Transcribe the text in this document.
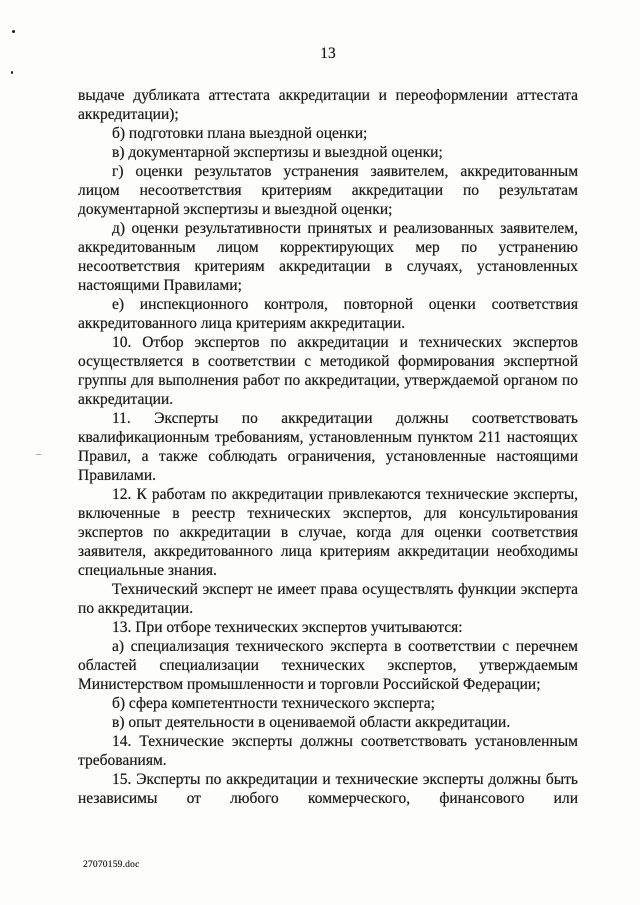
13
выдаче дубликата аттестата аккредитации и переоформлении аттестата
аккредитации);
б) подготовки плана выездной оценки;
в) документарной экспертизы и выездной оценки;
г) оценки результатов устранения заявителем, аккредитованным
лицом несоответствия критериям аккредитации по результатам
документарной экспертизы и выездной оценки;
д) оценки результативности принятых и реализованных заявителем,
аккредитованным лицом корректирующих мер по устранению
несоответствия критериям аккредитации в случаях, установленных
настоящими Правилами;
е) инспекционного контроля, повторной оценки соответствия
аккредитованного лица критериям аккредитации.
10. Отбор экспертов по аккредитации и технических экспертов
осуществляется в соответствии с методикой формирования экспертной
группы для выполнения работ по аккредитации, утверждаемой органом по
аккредитации.
11. Эксперты по аккредитации должны соответствовать
квалификационным требованиям, установленным пунктом 211 настоящих
Правил, а также соблюдать ограничения, установленные настоящими
Правилами.
12. К работам по аккредитации привлекаются технические эксперты,
включенные в реестр технических экспертов, для консультирования
экспертов по аккредитации в случае, когда для оценки соответствия
заявителя, аккредитованного лица критериям аккредитации необходимы
специальные знания.
Технический эксперт не имеет права осуществлять функции эксперта
по аккредитации.
13. При отборе технических экспертов учитываются:
а) специализация технического эксперта в соответствии с перечнем
областей специализации технических экспертов, утверждаемым
Министерством промышленности и торговли Российской Федерации;
б) сфера компетентности технического эксперта;
в) опыт деятельности в оцениваемой области аккредитации.
14. Технические эксперты должны соответствовать установленным
требованиям.
15. Эксперты по аккредитации и технические эксперты должны быть
независимы от любого коммерческого, финансового или
27070159.doc
